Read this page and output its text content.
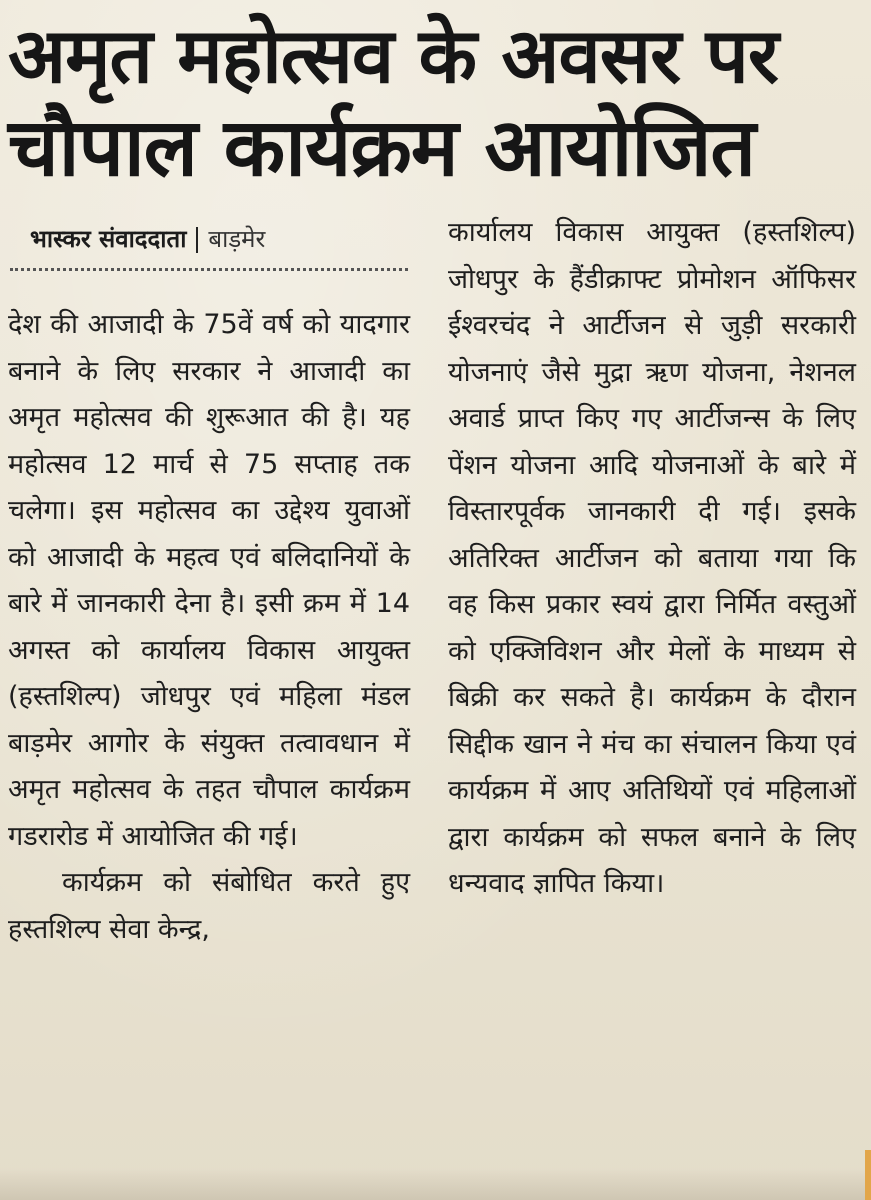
अमृत महोत्सव के अवसर पर
चौपाल कार्यक्रम आयोजित
भास्कर संवाददाता बाड़मेर

देश की आजादी के 75वें वर्ष को यादगार बनाने के लिए सरकार ने आजादी का अमृत महोत्सव की शुरूआत की है। यह महोत्सव 12 मार्च से 75 सप्ताह तक चलेगा। इस महोत्सव का उद्देश्य युवाओं को आजादी के महत्व एवं बलिदानियों के बारे में जानकारी देना है। इसी क्रम में 14 अगस्त को कार्यालय विकास आयुक्त (हस्तशिल्प) जोधपुर एवं महिला मंडल बाड़मेर आगोर के संयुक्त तत्वावधान में अमृत महोत्सव के तहत चौपाल कार्यक्रम गडरारोड में आयोजित की गई।

कार्यक्रम को संबोधित करते हुए हस्तशिल्प सेवा केन्द्र,

कार्यालय विकास आयुक्त (हस्तशिल्प) जोधपुर के हैंडीक्राफ्ट प्रोमोशन ऑफिसर ईश्वरचंद ने आर्टीजन से जुड़ी सरकारी योजनाएं जैसे मुद्रा ऋण योजना, नेशनल अवार्ड प्राप्त किए गए आर्टीजन्स के लिए पेंशन योजना आदि योजनाओं के बारे में विस्तारपूर्वक जानकारी दी गई। इसके अतिरिक्त आर्टीजन को बताया गया कि वह किस प्रकार स्वयं द्वारा निर्मित वस्तुओं को एक्जिविशन और मेलों के माध्यम से बिक्री कर सकते है। कार्यक्रम के दौरान सिद्दीक खान ने मंच का संचालन किया एवं कार्यक्रम में आए अतिथियों एवं महिलाओं द्वारा कार्यक्रम को सफल बनाने के लिए धन्यवाद ज्ञापित किया।
